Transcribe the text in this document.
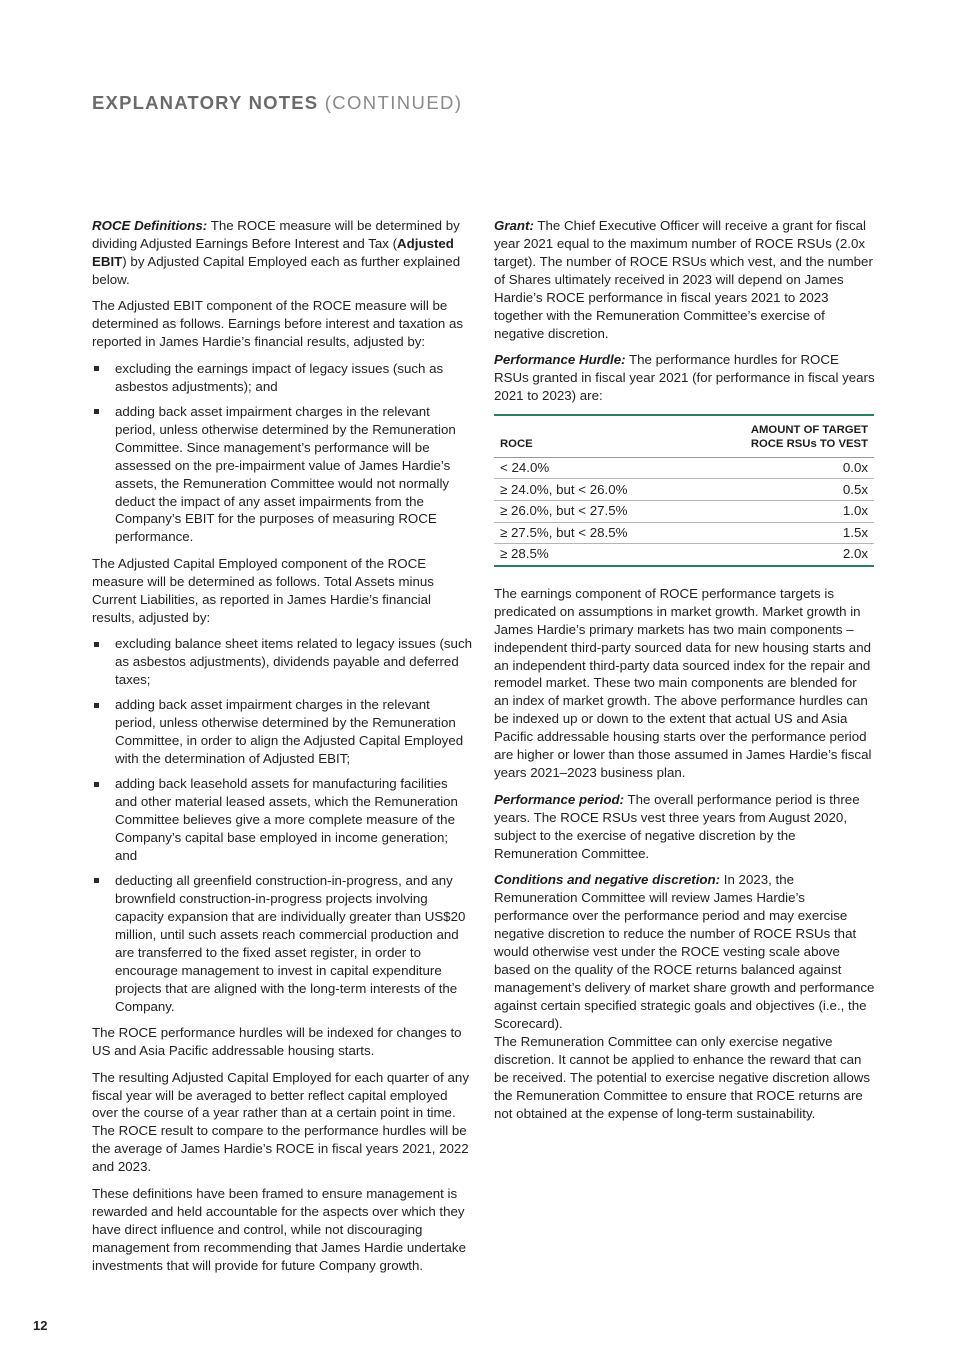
EXPLANATORY NOTES (CONTINUED)

ROCE Definitions: The ROCE measure will be determined by dividing Adjusted Earnings Before Interest and Tax (Adjusted EBIT) by Adjusted Capital Employed each as further explained below.

The Adjusted EBIT component of the ROCE measure will be determined as follows. Earnings before interest and taxation as reported in James Hardie’s financial results, adjusted by:

excluding the earnings impact of legacy issues (such as asbestos adjustments); and
adding back asset impairment charges in the relevant period, unless otherwise determined by the Remuneration Committee. Since management’s performance will be assessed on the pre-impairment value of James Hardie’s assets, the Remuneration Committee would not normally deduct the impact of any asset impairments from the Company’s EBIT for the purposes of measuring ROCE performance.

The Adjusted Capital Employed component of the ROCE measure will be determined as follows. Total Assets minus Current Liabilities, as reported in James Hardie’s financial results, adjusted by:

excluding balance sheet items related to legacy issues (such as asbestos adjustments), dividends payable and deferred taxes;
adding back asset impairment charges in the relevant period, unless otherwise determined by the Remuneration Committee, in order to align the Adjusted Capital Employed with the determination of Adjusted EBIT;
adding back leasehold assets for manufacturing facilities and other material leased assets, which the Remuneration Committee believes give a more complete measure of the Company’s capital base employed in income generation; and
deducting all greenfield construction-in-progress, and any brownfield construction-in-progress projects involving capacity expansion that are individually greater than US$20 million, until such assets reach commercial production and are transferred to the fixed asset register, in order to encourage management to invest in capital expenditure projects that are aligned with the long-term interests of the Company.

The ROCE performance hurdles will be indexed for changes to US and Asia Pacific addressable housing starts.

The resulting Adjusted Capital Employed for each quarter of any fiscal year will be averaged to better reflect capital employed over the course of a year rather than at a certain point in time. The ROCE result to compare to the performance hurdles will be the average of James Hardie’s ROCE in fiscal years 2021, 2022 and 2023.

These definitions have been framed to ensure management is rewarded and held accountable for the aspects over which they have direct influence and control, while not discouraging management from recommending that James Hardie undertake investments that will provide for future Company growth.

Grant: The Chief Executive Officer will receive a grant for fiscal year 2021 equal to the maximum number of ROCE RSUs (2.0x target). The number of ROCE RSUs which vest, and the number of Shares ultimately received in 2023 will depend on James Hardie’s ROCE performance in fiscal years 2021 to 2023 together with the Remuneration Committee’s exercise of negative discretion.

Performance Hurdle: The performance hurdles for ROCE RSUs granted in fiscal year 2021 (for performance in fiscal years 2021 to 2023) are:

ROCE	AMOUNT OF TARGET
ROCE RSUs TO VEST
< 24.0%	0.0x
≥ 24.0%, but < 26.0%	0.5x
≥ 26.0%, but < 27.5%	1.0x
≥ 27.5%, but < 28.5%	1.5x
≥ 28.5%	2.0x

The earnings component of ROCE performance targets is predicated on assumptions in market growth. Market growth in James Hardie’s primary markets has two main components – independent third-party sourced data for new housing starts and an independent third-party data sourced index for the repair and remodel market. These two main components are blended for an index of market growth. The above performance hurdles can be indexed up or down to the extent that actual US and Asia Pacific addressable housing starts over the performance period are higher or lower than those assumed in James Hardie’s fiscal years 2021–2023 business plan.

Performance period: The overall performance period is three years. The ROCE RSUs vest three years from August 2020, subject to the exercise of negative discretion by the Remuneration Committee.

Conditions and negative discretion: In 2023, the Remuneration Committee will review James Hardie’s performance over the performance period and may exercise negative discretion to reduce the number of ROCE RSUs that would otherwise vest under the ROCE vesting scale above based on the quality of the ROCE returns balanced against management’s delivery of market share growth and performance against certain specified strategic goals and objectives (i.e., the Scorecard).
The Remuneration Committee can only exercise negative discretion. It cannot be applied to enhance the reward that can be received. The potential to exercise negative discretion allows the Remuneration Committee to ensure that ROCE returns are not obtained at the expense of long-term sustainability.

12
